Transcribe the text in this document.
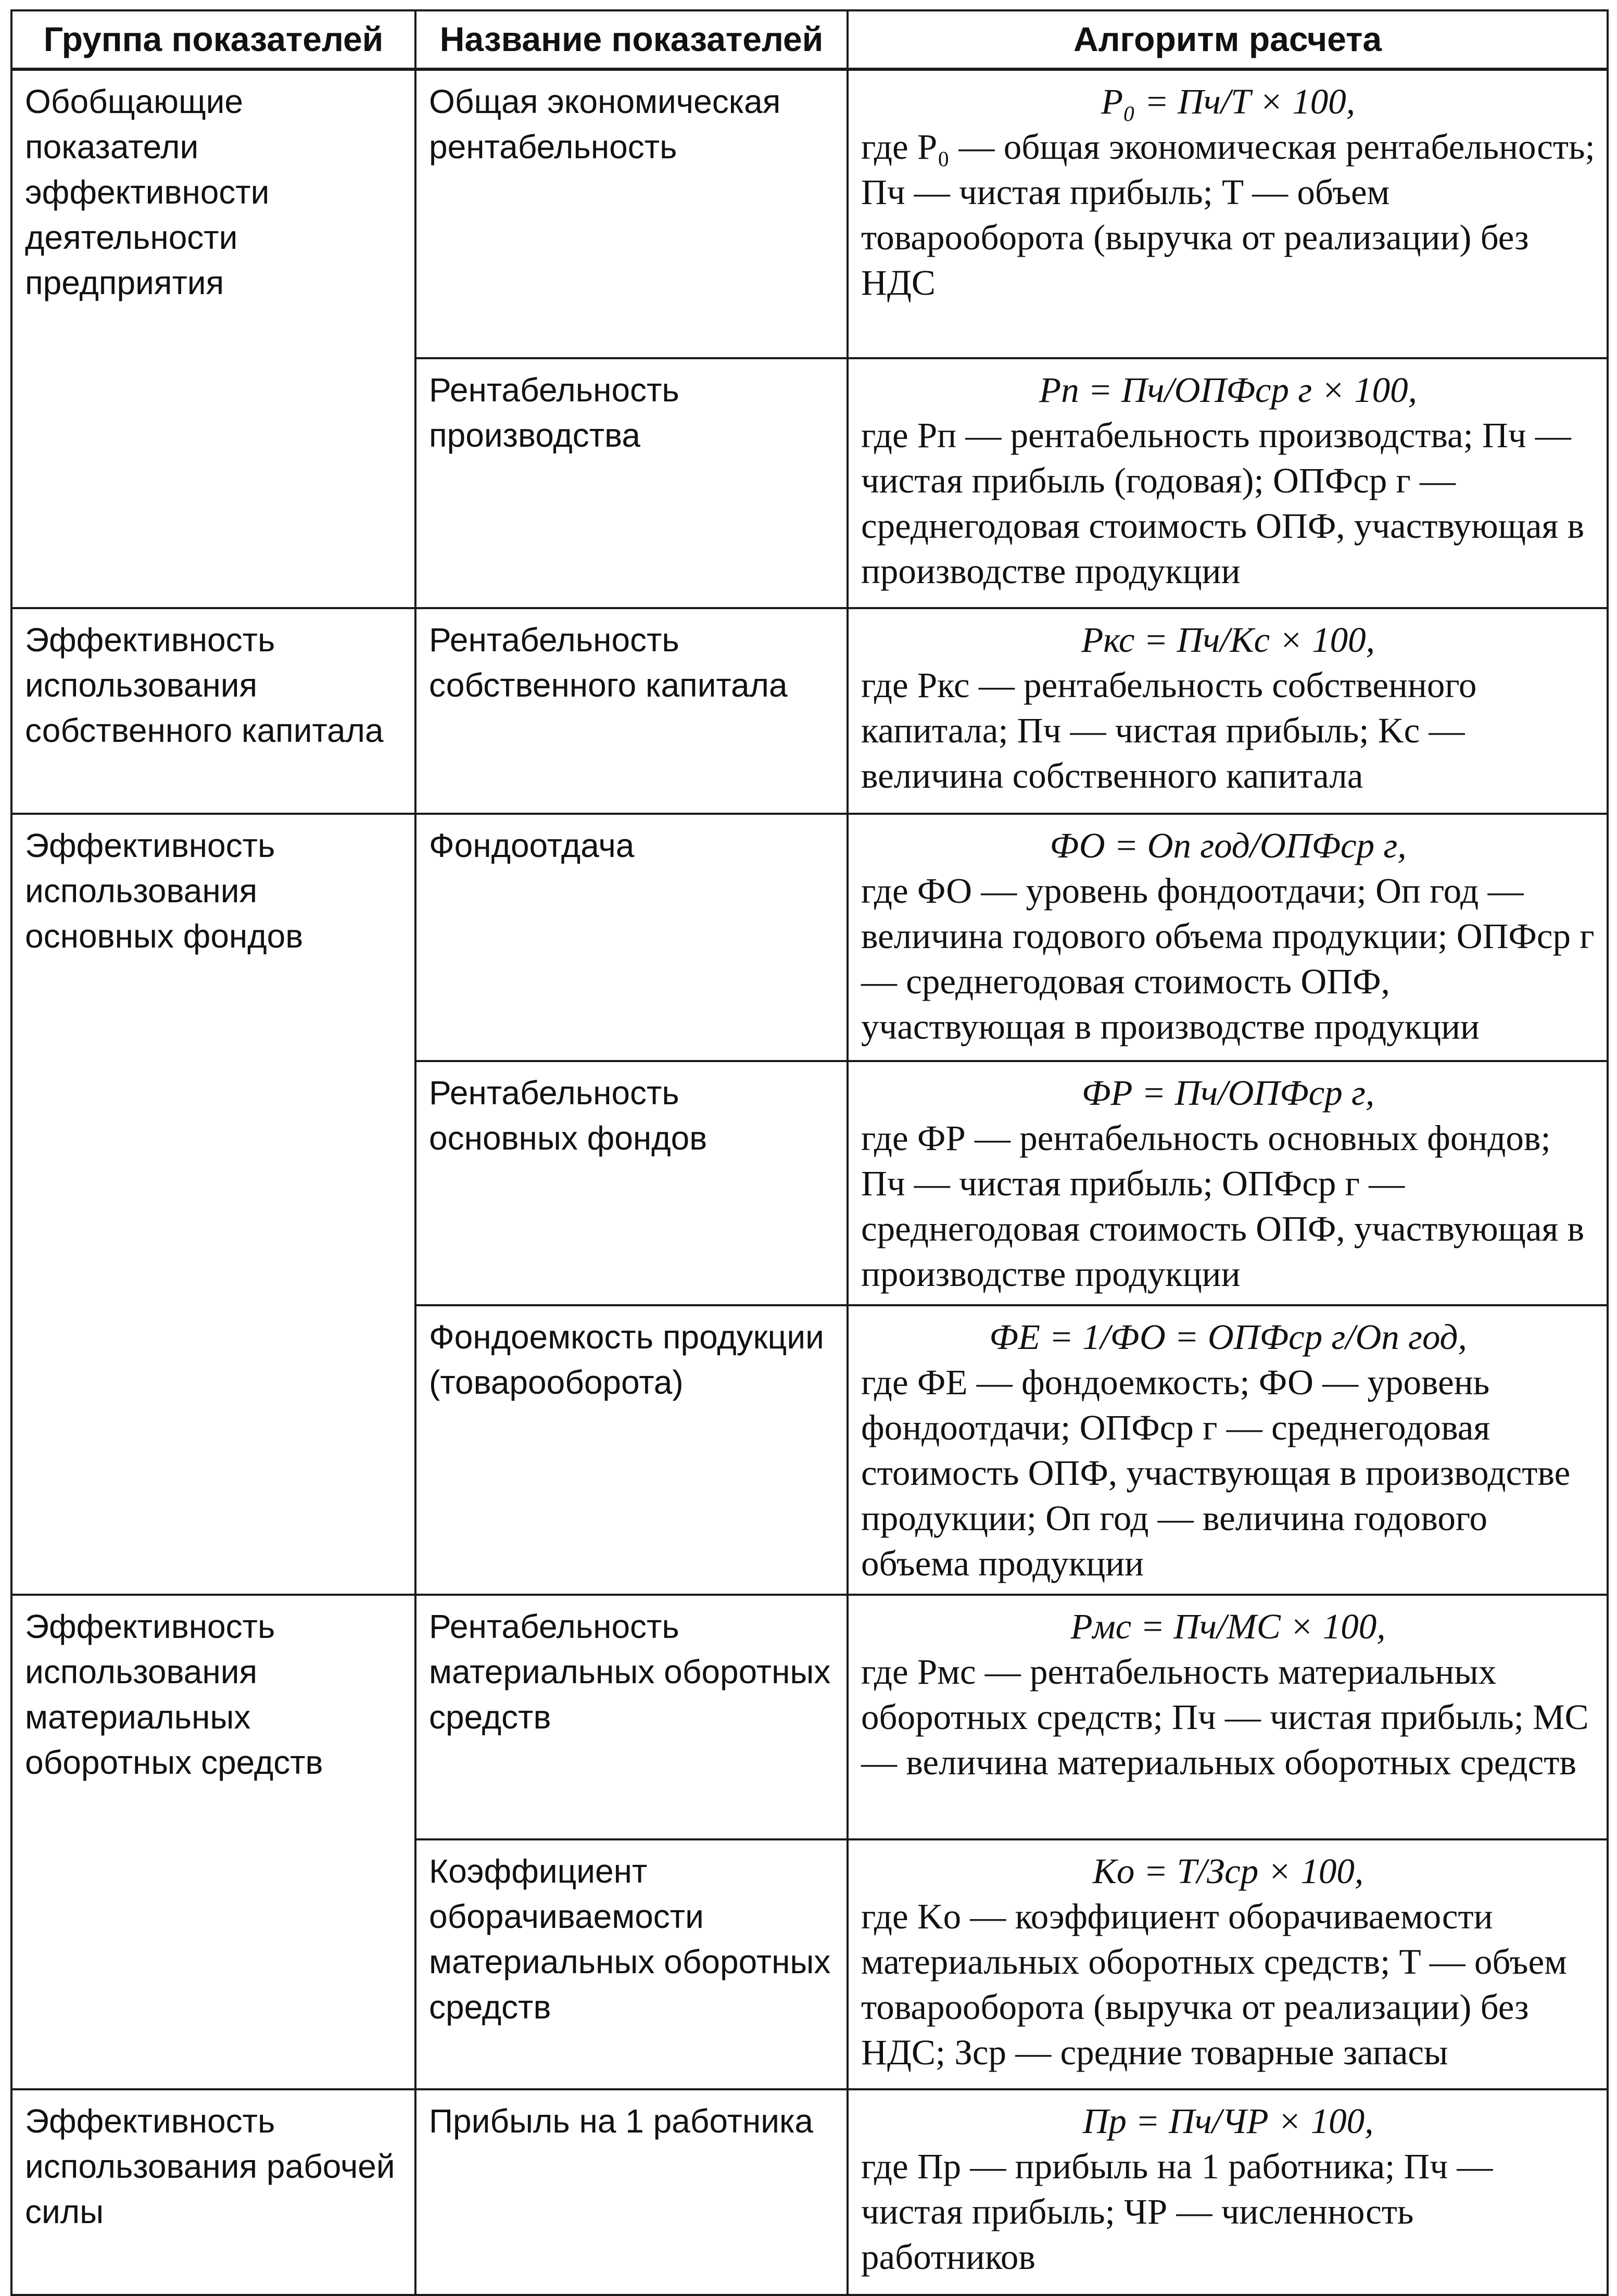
Группа показателей	Название показателей	Алгоритм расчета
Обобщающие показатели эффективности деятельности предприятия	Общая экономическая рентабельность	P₀ = Пч/T × 100,
где P₀ — общая экономическая рентабельность; Пч — чистая прибыль; T — объем товарооборота (выручка от реализации) без НДС

	Рентабельность производства	Pп = Пч/ОПФср г × 100,
где Pп — рентабельность производства; Пч — чистая прибыль (годовая); ОПФср г — среднегодовая стоимость ОПФ, участвующая в производстве продукции

Эффективность использования собственного капитала	Рентабельность собственного капитала	Pкс = Пч/Kс × 100,
где Pкс — рентабельность собственного капитала; Пч — чистая прибыль; Kс — величина собственного капитала

Эффективность использования основных фондов	Фондоотдача	ФО = Оп год/ОПФср г,
где ФО — уровень фондоотдачи; Оп год — величина годового объема продукции; ОПФср г — среднегодовая стоимость ОПФ, участвующая в производстве продукции

	Рентабельность основных фондов	ФР = Пч/ОПФср г,
где ФР — рентабельность основных фондов; Пч — чистая прибыль; ОПФср г — среднегодовая стоимость ОПФ, участвующая в производстве продукции

	Фондоемкость продукции (товарооборота)	ФЕ = 1/ФО = ОПФср г/Оп год,
где ФЕ — фондоемкость; ФО — уровень фондоотдачи; ОПФср г — среднегодовая стоимость ОПФ, участвующая в производстве продукции; Оп год — величина годового объема продукции

Эффективность использования материальных оборотных средств	Рентабельность материальных оборотных средств	Pмс = Пч/МС × 100,
где Pмс — рентабельность материальных оборотных средств; Пч — чистая прибыль; МС — величина материальных оборотных средств

	Коэффициент оборачиваемости материальных оборотных средств	Kо = T/Зср × 100,
где Kо — коэффициент оборачиваемости материальных оборотных средств; T — объем товарооборота (выручка от реализации) без НДС; Зср — средние товарные запасы

Эффективность использования рабочей силы	Прибыль на 1 работника	Пр = Пч/ЧР × 100,
где Пр — прибыль на 1 работника; Пч — чистая прибыль; ЧР — численность работников
